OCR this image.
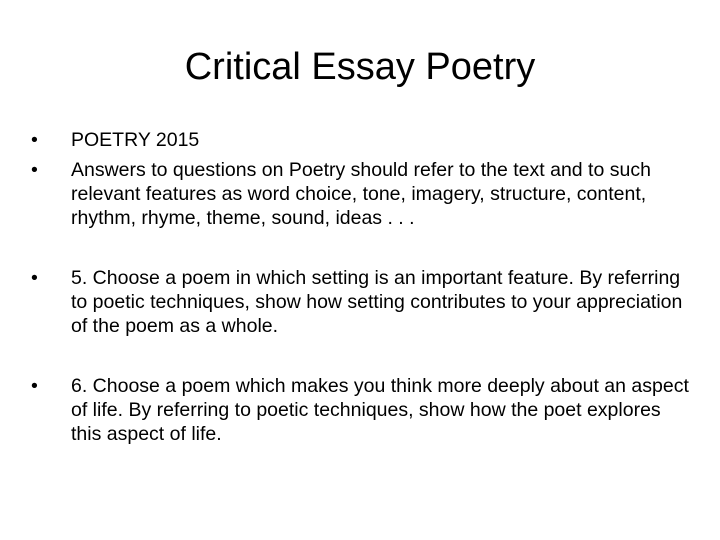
Critical Essay Poetry
•	POETRY 2015
•	Answers to questions on Poetry should refer to the text and to such relevant features as word choice, tone, imagery, structure, content, rhythm, rhyme, theme, sound, ideas . . .
•	5. Choose a poem in which setting is an important feature. By referring to poetic techniques, show how setting contributes to your appreciation of the poem as a whole.
•	6. Choose a poem which makes you think more deeply about an aspect of life. By referring to poetic techniques, show how the poet explores this aspect of life.
